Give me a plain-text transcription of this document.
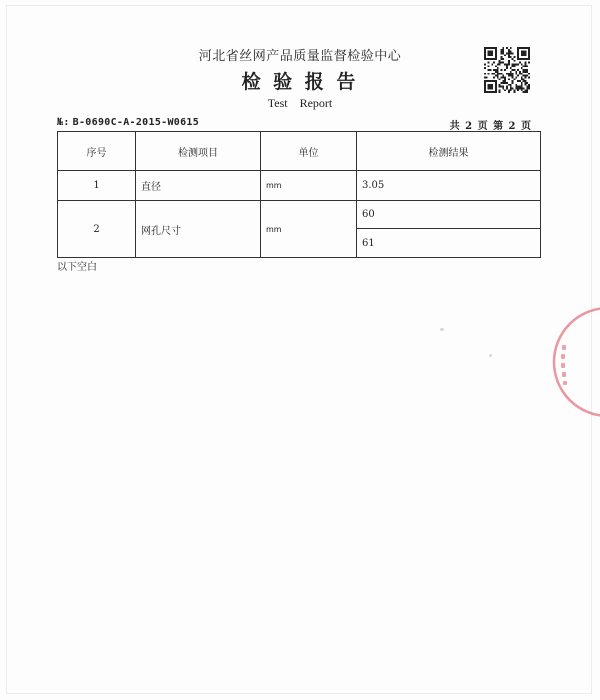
河北省丝网产品质量监督检验中心
检 验 报 告
Test Report
№: B-0690C-A-2015-W0615	共 2 页 第 2 页
序号	检测项目	单位	检测结果
1	直径	mm	3.05
2	网孔尺寸	mm	60
			61
以下空白
